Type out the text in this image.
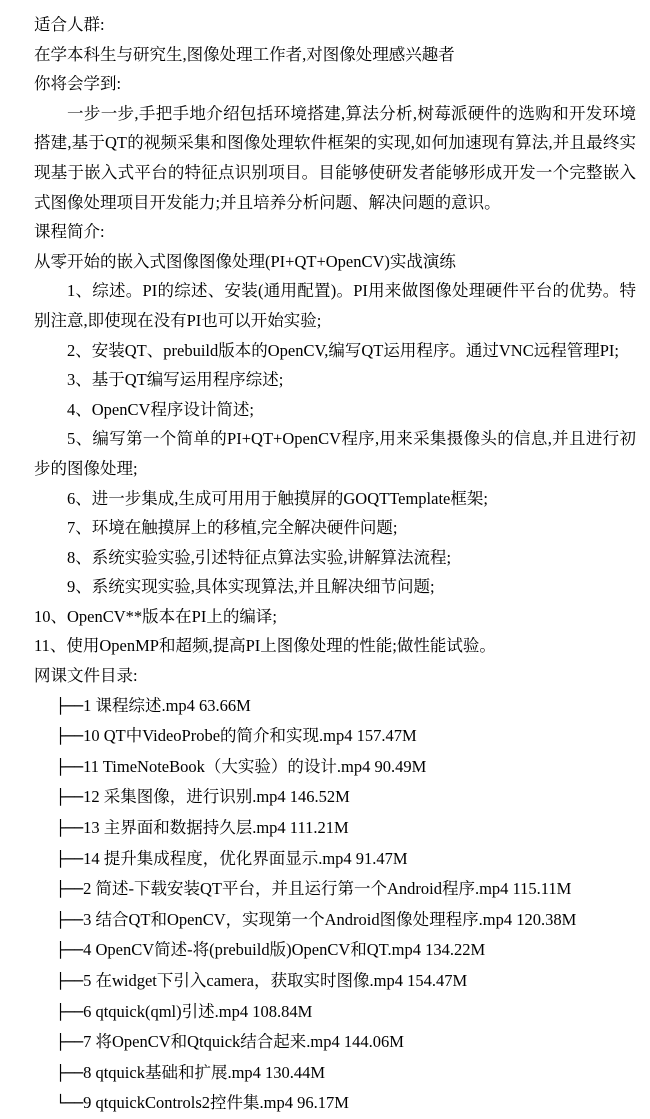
适合人群:
在学本科生与研究生,图像处理工作者,对图像处理感兴趣者
你将会学到:

一步一步,手把手地介绍包括环境搭建,算法分析,树莓派硬件的选购和开发环境搭建,基于QT的视频采集和图像处理软件框架的实现,如何加速现有算法,并且最终实现基于嵌入式平台的特征点识别项目。目能够使研发者能够形成开发一个完整嵌入式图像处理项目开发能力;并且培养分析问题、解决问题的意识。

课程简介:
从零开始的嵌入式图像图像处理(PI+QT+OpenCV)实战演练

1、综述。PI的综述、安装(通用配置)。PI用来做图像处理硬件平台的优势。特别注意,即使现在没有PI也可以开始实验;

2、安装QT、prebuild版本的OpenCV,编写QT运用程序。通过VNC远程管理PI;

3、基于QT编写运用程序综述;

4、OpenCV程序设计简述;

5、编写第一个简单的PI+QT+OpenCV程序,用来采集摄像头的信息,并且进行初步的图像处理;

6、进一步集成,生成可用用于触摸屏的GOQTTemplate框架;

7、环境在触摸屏上的移植,完全解决硬件问题;

8、系统实验实验,引述特征点算法实验,讲解算法流程;

9、系统实现实验,具体实现算法,并且解决细节问题;

10、OpenCV**版本在PI上的编译;

11、使用OpenMP和超频,提高PI上图像处理的性能;做性能试验。

网课文件目录:
├──1 课程综述.mp4 63.66M
├──10 QT中VideoProbe的简介和实现.mp4 157.47M
├──11 TimeNoteBook（大实验）的设计.mp4 90.49M
├──12 采集图像，进行识别.mp4 146.52M
├──13 主界面和数据持久层.mp4 111.21M
├──14 提升集成程度，优化界面显示.mp4 91.47M
├──2 简述-下载安装QT平台，并且运行第一个Android程序.mp4 115.11M
├──3 结合QT和OpenCV，实现第一个Android图像处理程序.mp4 120.38M
├──4 OpenCV简述-将(prebuild版)OpenCV和QT.mp4 134.22M
├──5 在widget下引入camera，获取实时图像.mp4 154.47M
├──6 qtquick(qml)引述.mp4 108.84M
├──7 将OpenCV和Qtquick结合起来.mp4 144.06M
├──8 qtquick基础和扩展.mp4 130.44M
└──9 qtquickControls2控件集.mp4 96.17M
